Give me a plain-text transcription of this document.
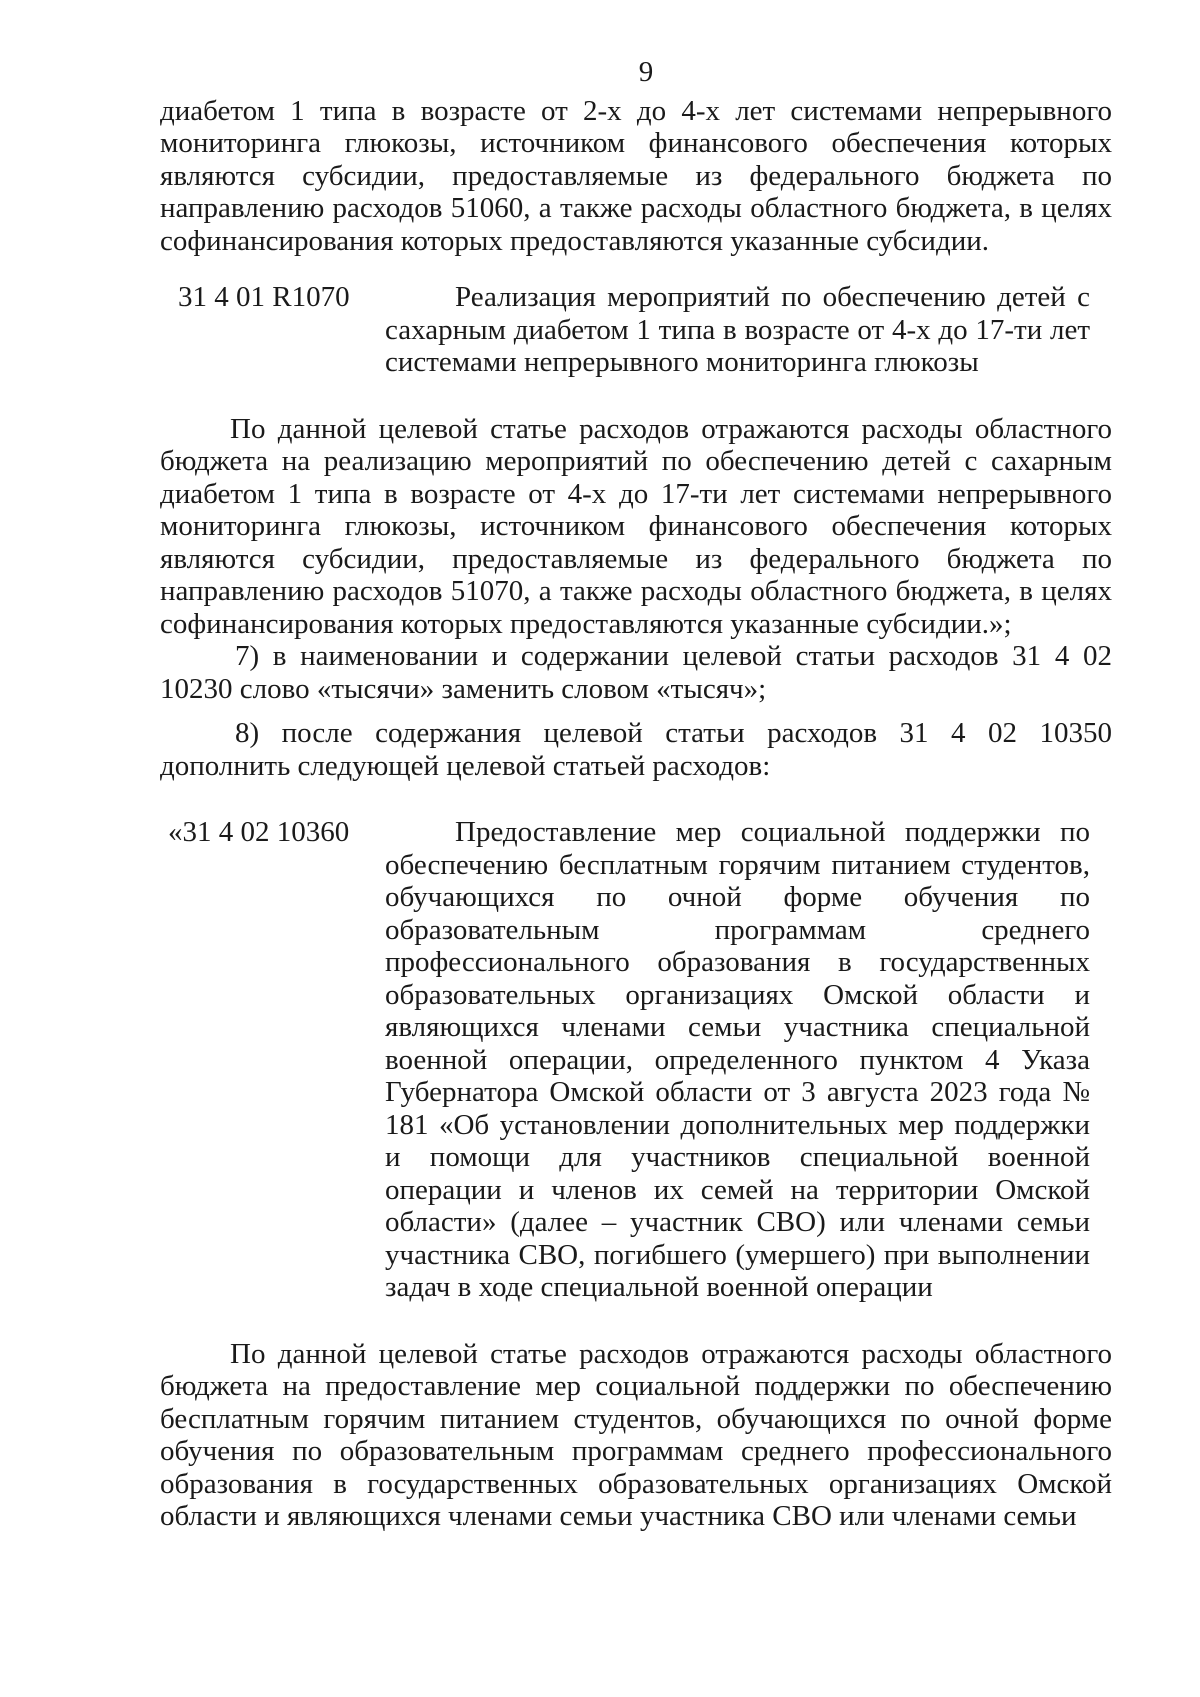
9

диабетом 1 типа в возрасте от 2-х до 4-х лет системами непрерывного мониторинга глюкозы, источником финансового обеспечения которых являются субсидии, предоставляемые из федерального бюджета по направлению расходов 51060, а также расходы областного бюджета, в целях софинансирования которых предоставляются указанные субсидии.

31 4 01 R1070	Реализация мероприятий по обеспечению детей с сахарным диабетом 1 типа в возрасте от 4-х до 17-ти лет системами непрерывного мониторинга глюкозы

По данной целевой статье расходов отражаются расходы областного бюджета на реализацию мероприятий по обеспечению детей с сахарным диабетом 1 типа в возрасте от 4-х до 17-ти лет системами непрерывного мониторинга глюкозы, источником финансового обеспечения которых являются субсидии, предоставляемые из федерального бюджета по направлению расходов 51070, а также расходы областного бюджета, в целях софинансирования которых предоставляются указанные субсидии.»;

7) в наименовании и содержании целевой статьи расходов 31 4 02 10230 слово «тысячи» заменить словом «тысяч»;

8) после содержания целевой статьи расходов 31 4 02 10350 дополнить следующей целевой статьей расходов:

«31 4 02 10360	Предоставление мер социальной поддержки по обеспечению бесплатным горячим питанием студентов, обучающихся по очной форме обучения по образовательным программам среднего профессионального образования в государственных образовательных организациях Омской области и являющихся членами семьи участника специальной военной операции, определенного пунктом 4 Указа Губернатора Омской области от 3 августа 2023 года № 181 «Об установлении дополнительных мер поддержки и помощи для участников специальной военной операции и членов их семей на территории Омской области» (далее – участник СВО) или членами семьи участника СВО, погибшего (умершего) при выполнении задач в ходе специальной военной операции

По данной целевой статье расходов отражаются расходы областного бюджета на предоставление мер социальной поддержки по обеспечению бесплатным горячим питанием студентов, обучающихся по очной форме обучения по образовательным программам среднего профессионального образования в государственных образовательных организациях Омской области и являющихся членами семьи участника СВО или членами семьи
